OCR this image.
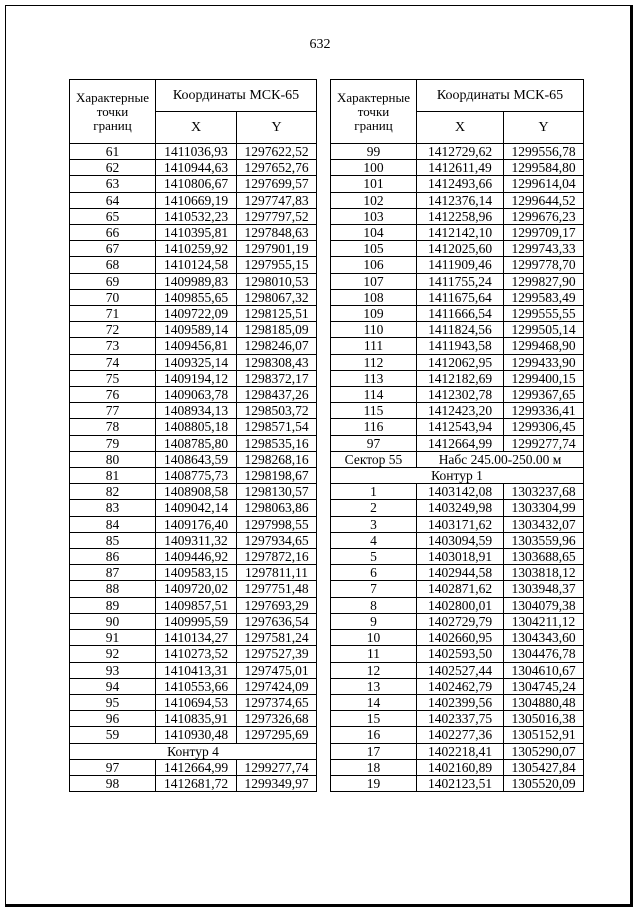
632
Характерные
точки
границ	Координаты МСК-65	
	X	Y
61	1411036,93	1297622,52
62	1410944,63	1297652,76
63	1410806,67	1297699,57
64	1410669,19	1297747,83
65	1410532,23	1297797,52
66	1410395,81	1297848,63
67	1410259,92	1297901,19
68	1410124,58	1297955,15
69	1409989,83	1298010,53
70	1409855,65	1298067,32
71	1409722,09	1298125,51
72	1409589,14	1298185,09
73	1409456,81	1298246,07
74	1409325,14	1298308,43
75	1409194,12	1298372,17
76	1409063,78	1298437,26
77	1408934,13	1298503,72
78	1408805,18	1298571,54
79	1408785,80	1298535,16
80	1408643,59	1298268,16
81	1408775,73	1298198,67
82	1408908,58	1298130,57
83	1409042,14	1298063,86
84	1409176,40	1297998,55
85	1409311,32	1297934,65
86	1409446,92	1297872,16
87	1409583,15	1297811,11
88	1409720,02	1297751,48
89	1409857,51	1297693,29
90	1409995,59	1297636,54
91	1410134,27	1297581,24
92	1410273,52	1297527,39
93	1410413,31	1297475,01
94	1410553,66	1297424,09
95	1410694,53	1297374,65
96	1410835,91	1297326,68
59	1410930,48	1297295,69
Контур 4		
97	1412664,99	1299277,74
98	1412681,72	1299349,97
Характерные
точки
границ	Координаты МСК-65	
	X	Y
99	1412729,62	1299556,78
100	1412611,49	1299584,80
101	1412493,66	1299614,04
102	1412376,14	1299644,52
103	1412258,96	1299676,23
104	1412142,10	1299709,17
105	1412025,60	1299743,33
106	1411909,46	1299778,70
107	1411755,24	1299827,90
108	1411675,64	1299583,49
109	1411666,54	1299555,55
110	1411824,56	1299505,14
111	1411943,58	1299468,90
112	1412062,95	1299433,90
113	1412182,69	1299400,15
114	1412302,78	1299367,65
115	1412423,20	1299336,41
116	1412543,94	1299306,45
97	1412664,99	1299277,74
Сектор 55	Набс 245.00-250.00 м	
Контур 1		
1	1403142,08	1303237,68
2	1403249,98	1303304,99
3	1403171,62	1303432,07
4	1403094,59	1303559,96
5	1403018,91	1303688,65
6	1402944,58	1303818,12
7	1402871,62	1303948,37
8	1402800,01	1304079,38
9	1402729,79	1304211,12
10	1402660,95	1304343,60
11	1402593,50	1304476,78
12	1402527,44	1304610,67
13	1402462,79	1304745,24
14	1402399,56	1304880,48
15	1402337,75	1305016,38
16	1402277,36	1305152,91
17	1402218,41	1305290,07
18	1402160,89	1305427,84
19	1402123,51	1305520,09
